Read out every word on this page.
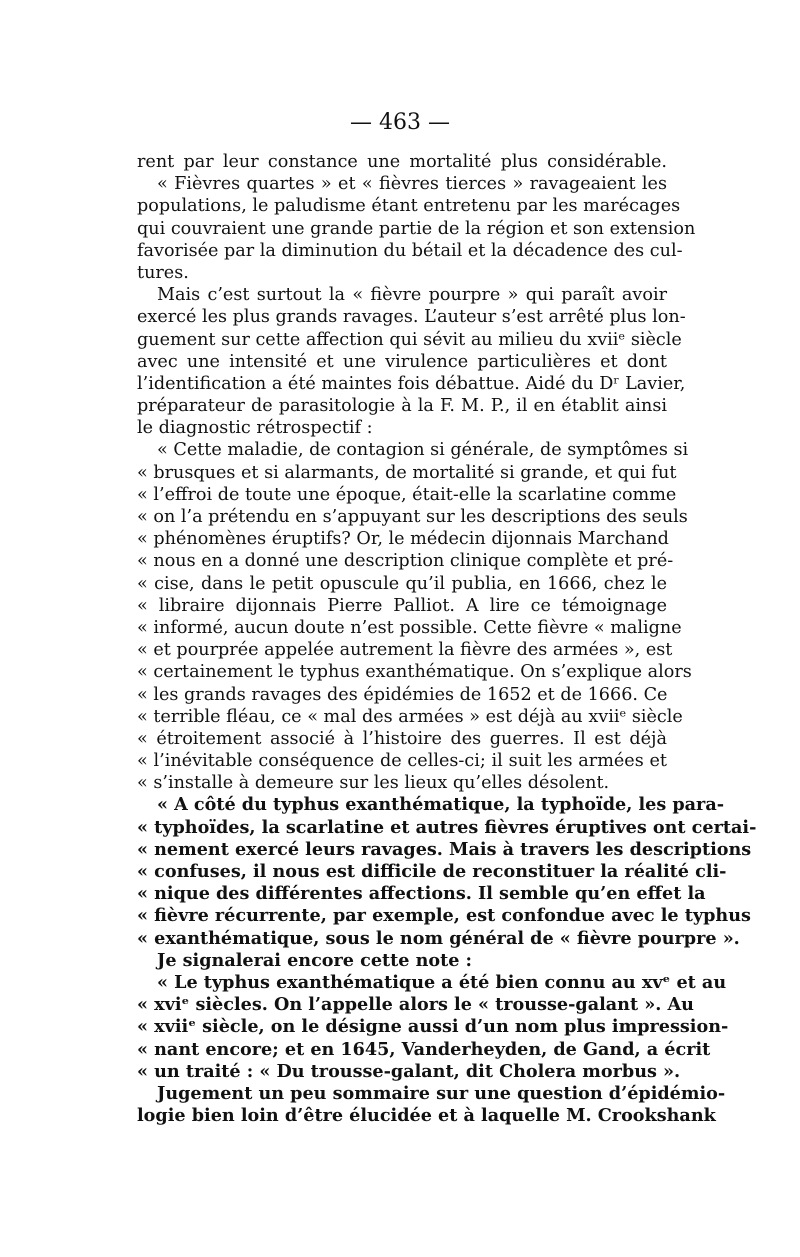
— 463 —
rent par leur constance une mortalité plus considérable.
« Fièvres quartes » et « fièvres tierces » ravageaient les
populations, le paludisme étant entretenu par les marécages
qui couvraient une grande partie de la région et son extension
favorisée par la diminution du bétail et la décadence des cul-
tures.
Mais c’est surtout la « fièvre pourpre » qui paraît avoir
exercé les plus grands ravages. L’auteur s’est arrêté plus lon-
guement sur cette affection qui sévit au milieu du xviiᵉ siècle
avec une intensité et une virulence particulières et dont
l’identification a été maintes fois débattue. Aidé du Dʳ Lavier,
préparateur de parasitologie à la F. M. P., il en établit ainsi
le diagnostic rétrospectif :
« Cette maladie, de contagion si générale, de symptômes si
« brusques et si alarmants, de mortalité si grande, et qui fut
« l’effroi de toute une époque, était-elle la scarlatine comme
« on l’a prétendu en s’appuyant sur les descriptions des seuls
« phénomènes éruptifs? Or, le médecin dijonnais Marchand
« nous en a donné une description clinique complète et pré-
« cise, dans le petit opuscule qu’il publia, en 1666, chez le
« libraire dijonnais Pierre Palliot. A lire ce témoignage
« informé, aucun doute n’est possible. Cette fièvre « maligne
« et pourprée appelée autrement la fièvre des armées », est
« certainement le typhus exanthématique. On s’explique alors
« les grands ravages des épidémies de 1652 et de 1666. Ce
« terrible fléau, ce « mal des armées » est déjà au xviiᵉ siècle
« étroitement associé à l’histoire des guerres. Il est déjà
« l’inévitable conséquence de celles-ci; il suit les armées et
« s’installe à demeure sur les lieux qu’elles désolent.
« A côté du typhus exanthématique, la typhoïde, les para-
« typhoïdes, la scarlatine et autres fièvres éruptives ont certai-
« nement exercé leurs ravages. Mais à travers les descriptions
« confuses, il nous est difficile de reconstituer la réalité cli-
« nique des différentes affections. Il semble qu’en effet la
« fièvre récurrente, par exemple, est confondue avec le typhus
« exanthématique, sous le nom général de « fièvre pourpre ».
Je signalerai encore cette note :
« Le typhus exanthématique a été bien connu au xvᵉ et au
« xviᵉ siècles. On l’appelle alors le « trousse-galant ». Au
« xviiᵉ siècle, on le désigne aussi d’un nom plus impression-
« nant encore; et en 1645, Vanderheyden, de Gand, a écrit
« un traité : « Du trousse-galant, dit Cholera morbus ».
Jugement un peu sommaire sur une question d’épidémio-
logie bien loin d’être élucidée et à laquelle M. Crookshank
